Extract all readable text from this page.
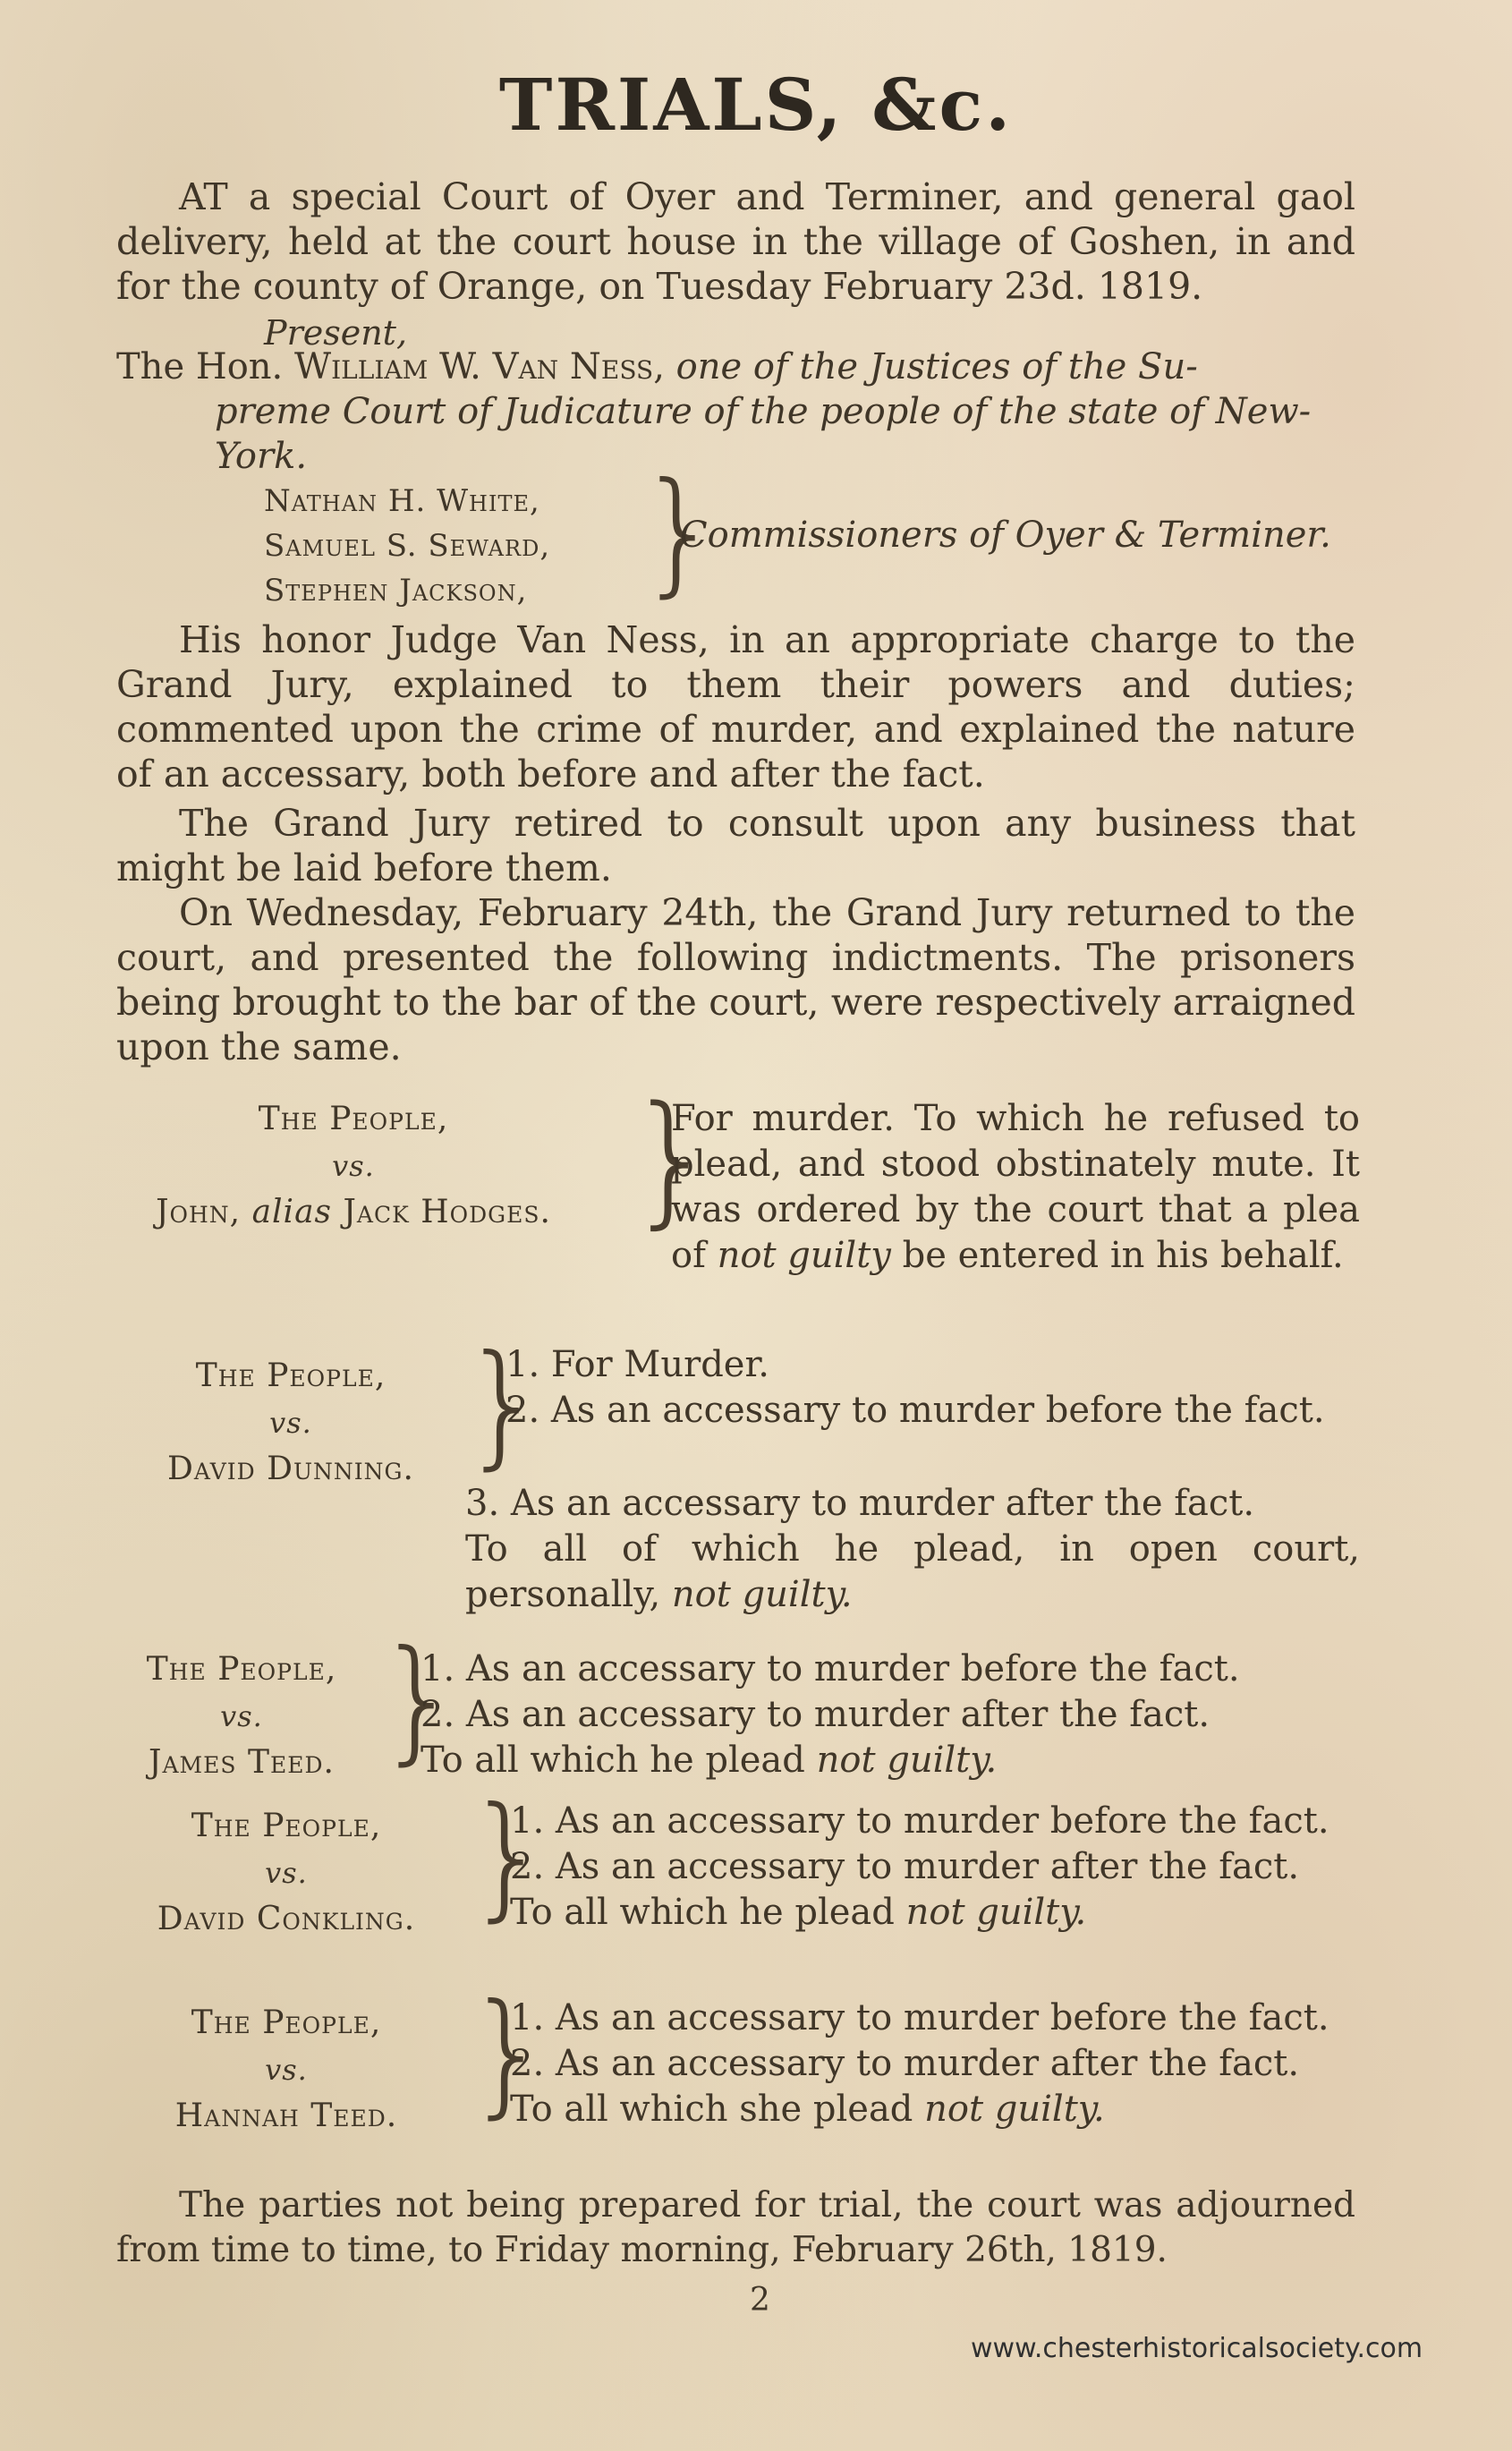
TRIALS, &c.

AT a special Court of Oyer and Terminer, and general gaol delivery, held at the court house in the village of Goshen, in and for the county of Orange, on Tuesday February 23d. 1819.

Present,
The Hon. William W. Van Ness, one of the Justices of the Su-
preme Court of Judicature of the people of the state of New-York.
Nathan H. White,
Samuel S. Seward,
Stephen Jackson, }
Commissioners of Oyer & Terminer.

His honor Judge Van Ness, in an appropriate charge to the Grand Jury, explained to them their powers and duties; commented upon the crime of murder, and explained the nature of an accessary, both before and after the fact.

The Grand Jury retired to consult upon any business that might be laid before them.

On Wednesday, February 24th, the Grand Jury returned to the court, and presented the following indictments. The prisoners being brought to the bar of the court, were respectively arraigned upon the same.

The People,
vs.
John, alias Jack Hodges. }

For murder. To which he refused to plead, and stood obstinately mute. It was ordered by the court that a plea of not guilty be entered in his behalf.

The People,
vs.
David Dunning. }

1. For Murder.

2. As an accessary to murder before the fact.

3. As an accessary to murder after the fact.

To all of which he plead, in open court, personally, not guilty.

The People,
vs.
James Teed. }

1. As an accessary to murder before the fact.

2. As an accessary to murder after the fact.

To all which he plead not guilty.

The People,
vs.
David Conkling. }

1. As an accessary to murder before the fact.

2. As an accessary to murder after the fact.

To all which he plead not guilty.

The People,
vs.
Hannah Teed. }

1. As an accessary to murder before the fact.

2. As an accessary to murder after the fact.

To all which she plead not guilty.

The parties not being prepared for trial, the court was adjourned from time to time, to Friday morning, February 26th, 1819.

2
www.chesterhistoricalsociety.com
